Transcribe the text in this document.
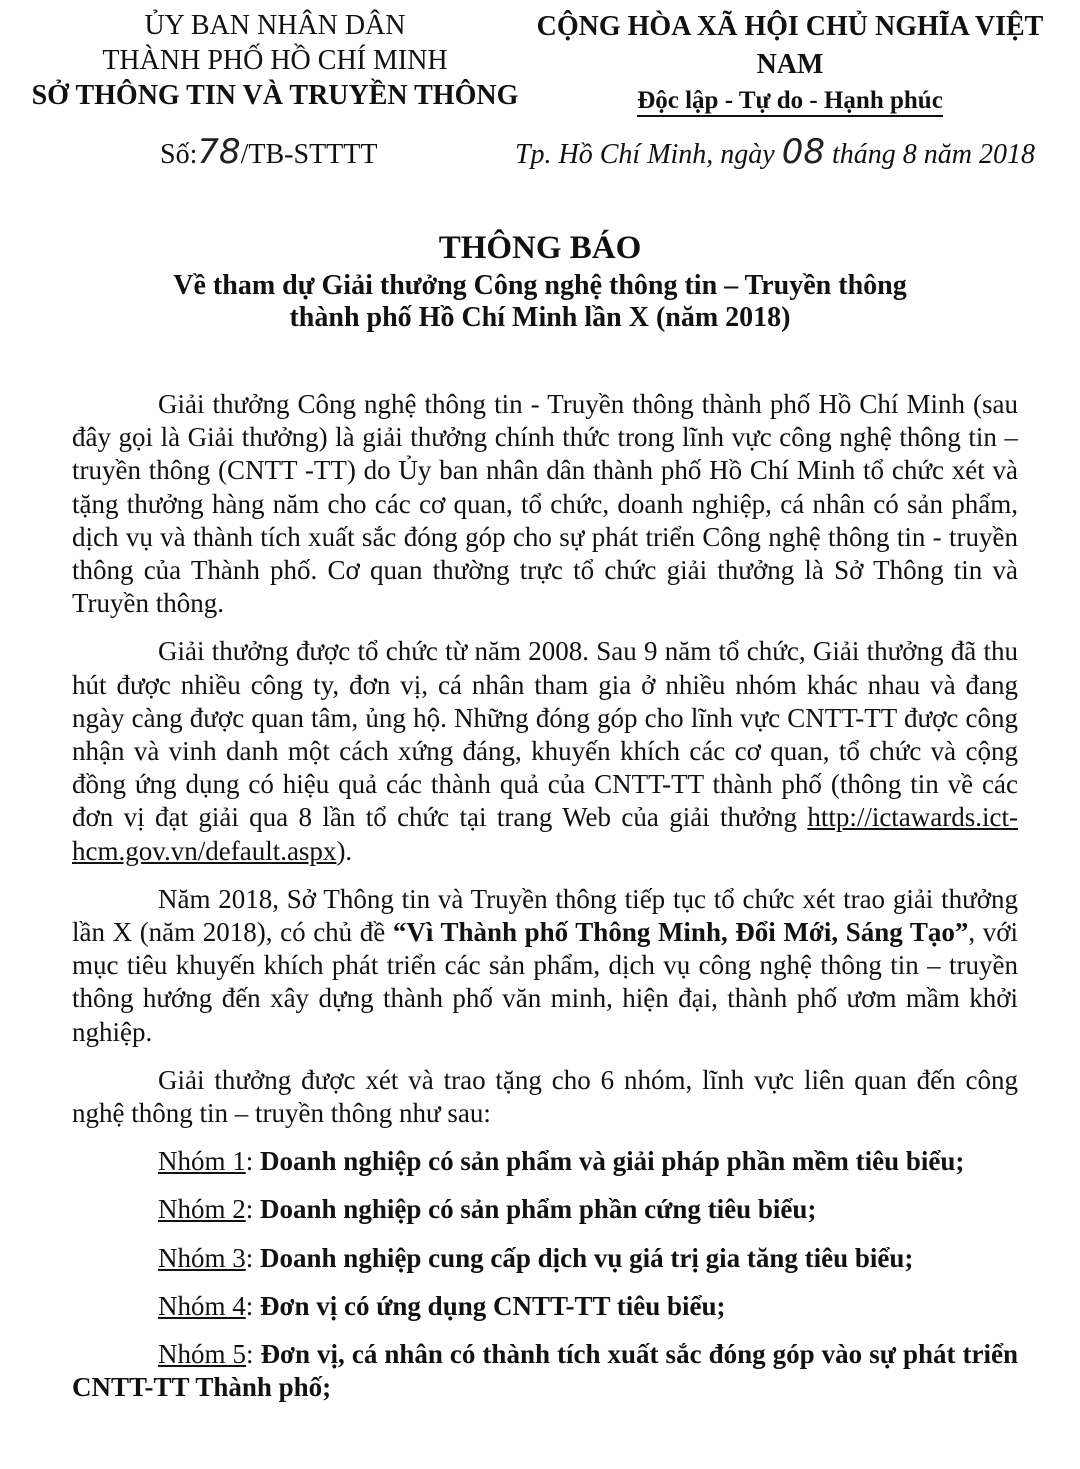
ỦY BAN NHÂN DÂN
THÀNH PHỐ HỒ CHÍ MINH
SỞ THÔNG TIN VÀ TRUYỀN THÔNG
CỘNG HÒA XÃ HỘI CHỦ NGHĨA VIỆT NAM
Độc lập - Tự do - Hạnh phúc
Số:78/TB-STTTT	Tp. Hồ Chí Minh, ngày 08 tháng 8 năm 2018
THÔNG BÁO
Về tham dự Giải thưởng Công nghệ thông tin – Truyền thông
thành phố Hồ Chí Minh lần X (năm 2018)

Giải thưởng Công nghệ thông tin - Truyền thông thành phố Hồ Chí Minh (sau đây gọi là Giải thưởng) là giải thưởng chính thức trong lĩnh vực công nghệ thông tin – truyền thông (CNTT -TT) do Ủy ban nhân dân thành phố Hồ Chí Minh tổ chức xét và tặng thưởng hàng năm cho các cơ quan, tổ chức, doanh nghiệp, cá nhân có sản phẩm, dịch vụ và thành tích xuất sắc đóng góp cho sự phát triển Công nghệ thông tin - truyền thông của Thành phố. Cơ quan thường trực tổ chức giải thưởng là Sở Thông tin và Truyền thông.

Giải thưởng được tổ chức từ năm 2008. Sau 9 năm tổ chức, Giải thưởng đã thu hút được nhiều công ty, đơn vị, cá nhân tham gia ở nhiều nhóm khác nhau và đang ngày càng được quan tâm, ủng hộ. Những đóng góp cho lĩnh vực CNTT-TT được công nhận và vinh danh một cách xứng đáng, khuyến khích các cơ quan, tổ chức và cộng đồng ứng dụng có hiệu quả các thành quả của CNTT-TT thành phố (thông tin về các đơn vị đạt giải qua 8 lần tổ chức tại trang Web của giải thưởng http://ictawards.ict-hcm.gov.vn/default.aspx).

Năm 2018, Sở Thông tin và Truyền thông tiếp tục tổ chức xét trao giải thưởng lần X (năm 2018), có chủ đề “Vì Thành phố Thông Minh, Đổi Mới, Sáng Tạo”, với mục tiêu khuyến khích phát triển các sản phẩm, dịch vụ công nghệ thông tin – truyền thông hướng đến xây dựng thành phố văn minh, hiện đại, thành phố ươm mầm khởi nghiệp.

Giải thưởng được xét và trao tặng cho 6 nhóm, lĩnh vực liên quan đến công nghệ thông tin – truyền thông như sau:

Nhóm 1: Doanh nghiệp có sản phẩm và giải pháp phần mềm tiêu biểu;
Nhóm 2: Doanh nghiệp có sản phẩm phần cứng tiêu biểu;
Nhóm 3: Doanh nghiệp cung cấp dịch vụ giá trị gia tăng tiêu biểu;
Nhóm 4: Đơn vị có ứng dụng CNTT-TT tiêu biểu;
Nhóm 5: Đơn vị, cá nhân có thành tích xuất sắc đóng góp vào sự phát triển CNTT-TT Thành phố;
